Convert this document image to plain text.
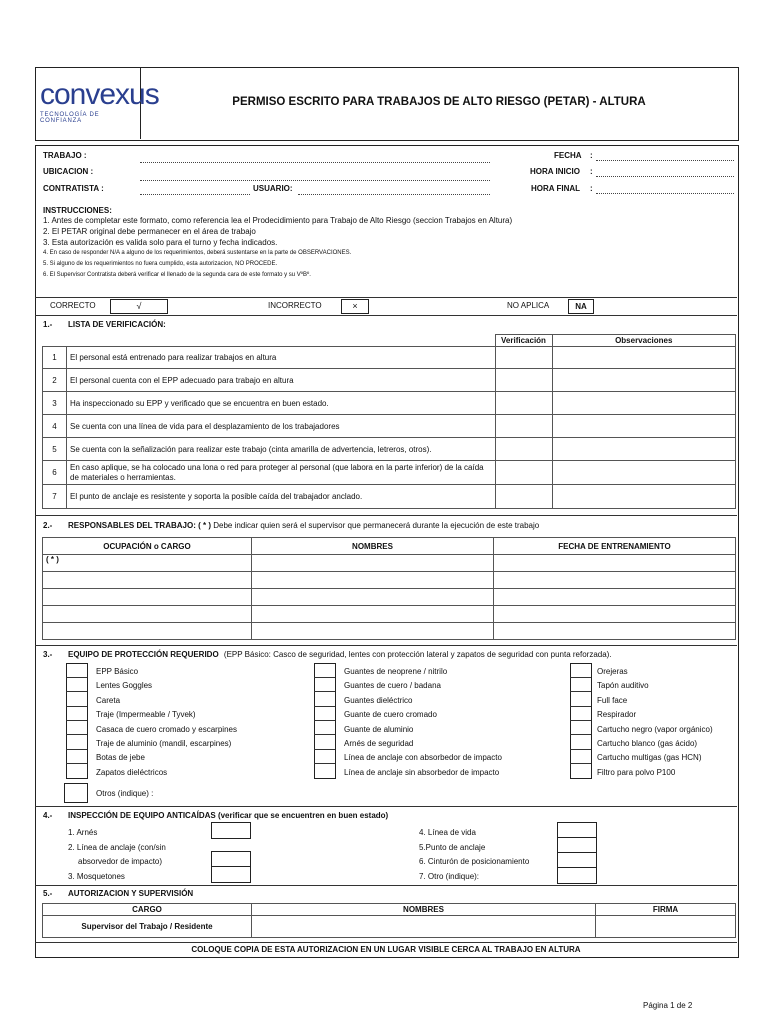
convexus
TECNOLOGÍA DE CONFIANZA
PERMISO ESCRITO PARA TRABAJOS DE ALTO RIESGO (PETAR) - ALTURA
TRABAJO :	FECHA :
UBICACION :	HORA INICIO :
CONTRATISTA :	USUARIO:	HORA FINAL :
INSTRUCCIONES:
1. Antes de completar este formato, como referencia lea el Prodecidimiento para Trabajo de Alto Riesgo (seccion Trabajos en Altura)
2. El PETAR original debe permanecer en el área de trabajo
3. Esta autorización es valida solo para el turno y fecha indicados.
4. En caso de responder N/A a alguno de los requerimientos, deberá sustentarse en la parte de OBSERVACIONES.
5. Si alguno de los requerimientos no fuera cumplido, esta autorizacion, NO PROCEDE.
6. El Supervisor Contratista deberá verificar el llenado de la segunda cara de este formato y su VºBº.
CORRECTO	√	INCORRECTO	×	NO APLICA	NA
1.- LISTA DE VERIFICACIÓN:
		Verificación	Observaciones
1	El personal está entrenado para realizar trabajos en altura		
2	El personal cuenta con el EPP adecuado para trabajo en altura		
3	Ha inspeccionado su EPP y verificado que se encuentra en buen estado.		
4	Se cuenta con una línea de vida para el desplazamiento de los trabajadores		
5	Se cuenta con la señalización para realizar este trabajo (cinta amarilla de advertencia, letreros, otros).		
6	En caso aplique, se ha colocado una lona o red para proteger al personal (que labora en la parte inferior) de la caída de materiales o herramientas.		
7	El punto de anclaje es resistente y soporta la posible caída del trabajador anclado.		
2.- RESPONSABLES DEL TRABAJO: ( * ) Debe indicar quien será el supervisor que permanecerá durante la ejecución de este trabajo
OCUPACIÓN o CARGO	NOMBRES	FECHA DE ENTRENAMIENTO
( * )		

3.- EQUIPO DE PROTECCIÓN REQUERIDO (EPP Básico: Casco de seguridad, lentes con protección lateral y zapatos de seguridad con punta reforzada).
EPP Básico
Lentes Goggles
Careta
Traje (Impermeable / Tyvek)
Casaca de cuero cromado y escarpines
Traje de aluminio (mandil, escarpines)
Botas de jebe
Zapatos dieléctricos
Guantes de neoprene / nitrilo
Guantes de cuero / badana
Guantes dieléctrico
Guante de cuero cromado
Guante de aluminio
Arnés de seguridad
Línea de anclaje con absorbedor de impacto
Línea de anclaje sin absorbedor de impacto
Orejeras
Tapón auditivo
Full face
Respirador
Cartucho negro (vapor orgánico)
Cartucho blanco (gas ácido)
Cartucho multigas (gas HCN)
Filtro para polvo P100
Otros (indique) :
4.- INSPECCIÓN DE EQUIPO ANTICAÍDAS (verificar que se encuentren en buen estado)
1. Arnés
2. Línea de anclaje (con/sin
absorvedor de impacto)
3. Mosquetones
4. Línea de vida
5.Punto de anclaje
6. Cinturón de posicionamiento
7. Otro (indique):
5.- AUTORIZACION Y SUPERVISIÓN
CARGO	NOMBRES	FIRMA
Supervisor del Trabajo / Residente		
COLOQUE COPIA DE ESTA AUTORIZACION EN UN LUGAR VISIBLE CERCA AL TRABAJO EN ALTURA
Página 1 de 2
